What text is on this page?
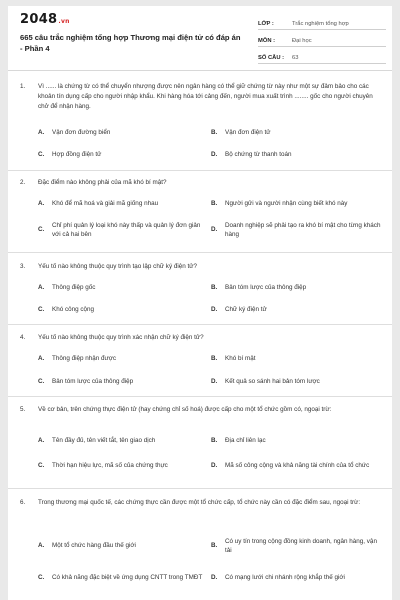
2048.vn
665 câu trắc nghiệm tổng hợp Thương mại điện tử có đáp án - Phần 4
LỚP :	Trắc nghiệm tổng hợp
MÔN :	Đại học
SỐ CÂU :	63
1.	Vì ...... là chứng từ có thể chuyển nhượng được nên ngân hàng có thể giữ chứng từ này như một sự đảm bảo cho các khoản tín dụng cấp cho người nhập khẩu. Khi hàng hóa tới cảng đến, người mua xuất trình ........ gốc cho người chuyên chở để nhận hàng.
A.	Vận đơn đường biển	B.	Vận đơn điện tử
C.	Hợp đồng điện tử	D.	Bộ chứng từ thanh toán
2.	Đặc điểm nào không phải của mã khó bí mật?
A.	Khó để mã hoá và giải mã giống nhau	B.	Người gửi và người nhận cùng biết khó này
C.
Chỉ phí quản lý loại khó này thấp và quản lý đơn giản với cả hai bên
D.
Doanh nghiệp sẽ phải tạo ra khó bí mật cho từng khách hàng
3.	Yếu tố nào không thuộc quy trình tạo lập chữ ký điện tử?
A.	Thông điệp gốc	B.	Bản tóm lược của thông điệp
C.	Khó công cộng	D.	Chữ ký điện tử
4.	Yếu tố nào không thuộc quy trình xác nhận chữ ký điện tử?
A.	Thông điệp nhận được	B.	Khó bí mật
C.	Bản tóm lược của thông điệp	D.	Kết quả so sánh hai bản tóm lược
5.	Về cơ bản, trên chứng thực điện tử (hay chứng chỉ số hoá) được cấp cho một tổ chức gồm có, ngoại trừ:
A.	Tên đầy đủ, tên viết tắt, tên giao dịch	B.	Địa chỉ liên lạc
C.	Thời hạn hiệu lực, mã số của chứng thực	D.	Mã số công cộng và khả năng tài chính của tổ chức
6.	Trong thương mại quốc tế, các chứng thực cần được một tổ chức cấp, tổ chức này cần có đặc điểm sau, ngoại trừ:
A.	Một tổ chức hàng đầu thế giới	B.
Có uy tín trong cộng đồng kinh doanh, ngân hàng, vận tải
C.	Có khả năng đặc biệt về ứng dụng CNTT trong TMĐT D.	Có mạng lưới chi nhánh rộng khắp thế giới
